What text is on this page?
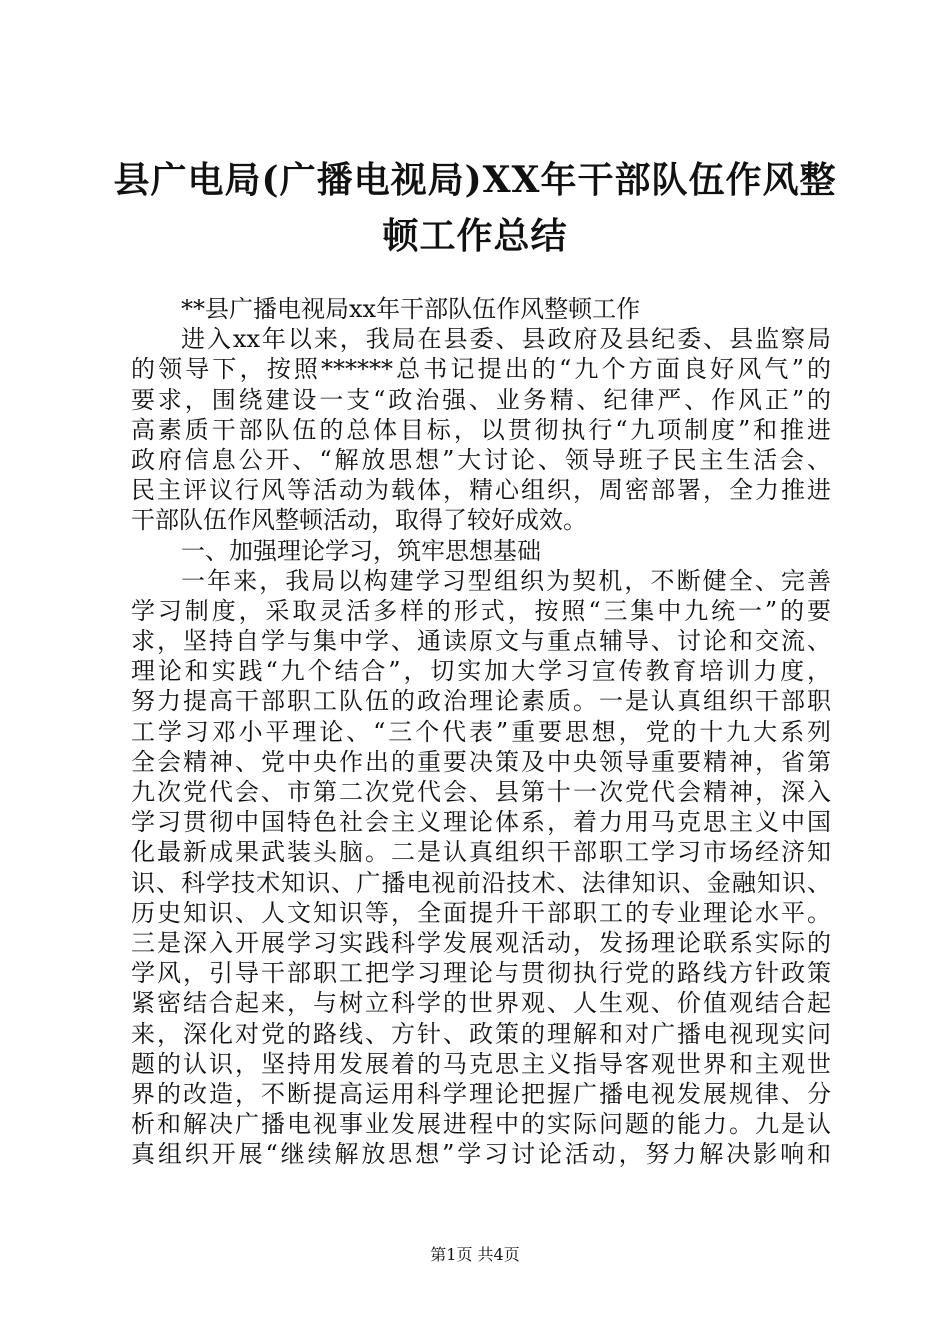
县广电局(广播电视局)XX年干部队伍作风整
顿工作总结
**县广播电视局xx年干部队伍作风整顿工作
进入xx年以来，我局在县委、县政府及县纪委、县监察局
的领导下，按照******总书记提出的“九个方面良好风气”的
要求，围绕建设一支“政治强、业务精、纪律严、作风正”的
高素质干部队伍的总体目标，以贯彻执行“九项制度”和推进
政府信息公开、“解放思想”大讨论、领导班子民主生活会、
民主评议行风等活动为载体，精心组织，周密部署，全力推进
干部队伍作风整顿活动，取得了较好成效。
一、加强理论学习，筑牢思想基础
一年来，我局以构建学习型组织为契机，不断健全、完善
学习制度，采取灵活多样的形式，按照“三集中九统一”的要
求，坚持自学与集中学、通读原文与重点辅导、讨论和交流、
理论和实践“九个结合”，切实加大学习宣传教育培训力度，
努力提高干部职工队伍的政治理论素质。一是认真组织干部职
工学习邓小平理论、“三个代表”重要思想，党的十九大系列
全会精神、党中央作出的重要决策及中央领导重要精神，省第
九次党代会、市第二次党代会、县第十一次党代会精神，深入
学习贯彻中国特色社会主义理论体系，着力用马克思主义中国
化最新成果武装头脑。二是认真组织干部职工学习市场经济知
识、科学技术知识、广播电视前沿技术、法律知识、金融知识、
历史知识、人文知识等，全面提升干部职工的专业理论水平。
三是深入开展学习实践科学发展观活动，发扬理论联系实际的
学风，引导干部职工把学习理论与贯彻执行党的路线方针政策
紧密结合起来，与树立科学的世界观、人生观、价值观结合起
来，深化对党的路线、方针、政策的理解和对广播电视现实问
题的认识，坚持用发展着的马克思主义指导客观世界和主观世
界的改造，不断提高运用科学理论把握广播电视发展规律、分
析和解决广播电视事业发展进程中的实际问题的能力。九是认
真组织开展“继续解放思想”学习讨论活动，努力解决影响和
第1页 共4页
